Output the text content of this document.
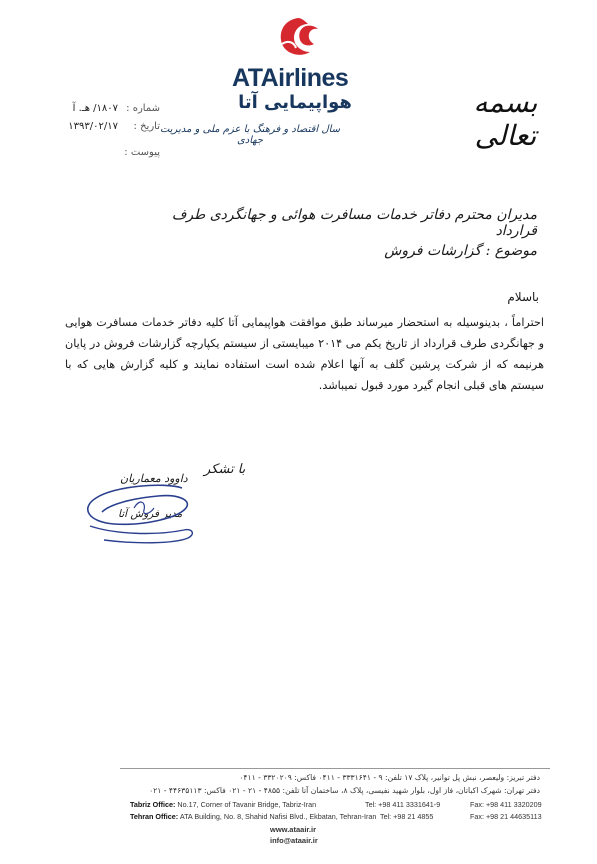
ATAirlines
هواپیمایی آتا
سال اقتصاد و فرهنگ با عزم ملی و مدیریت جهادی
شماره :
۱۸۰۷/ هـ. آ
تاریخ :
۱۳۹۳/۰۲/۱۷
پیوست :
بسمه تعالی
مدیران محترم دفاتر خدمات مسافرت هوائی و جهانگردی طرف قرارداد
موضوع : گزارشات فروش
باسلام
احتراماً ، بدینوسیله به استحضار میرساند طبق موافقت هواپیمایی آتا کلیه دفاتر خدمات مسافرت هوایی و جهانگردی طرف قرارداد از تاریخ یکم می ۲۰۱۴ میبایستی از سیستم یکپارچه گزارشات فروش در پایان هرنیمه که از شرکت پرشین گلف به آنها اعلام شده است استفاده نمایند و کلیه گزارش هایی که با سیستم های قبلی انجام گیرد مورد قبول نمیباشد.
با تشکر
داوود معماریان
مدیر فروش آتا
دفتر تبریز: ولیعصر، نبش پل توانیر، پلاک ۱۷ تلفن: ۹ - ۳۳۳۱۶۴۱ - ۰۴۱۱ فاکس: ۳۳۲۰۲۰۹ - ۰۴۱۱
دفتر تهران: شهرک اکباتان، فاز اول، بلوار شهید نفیسی، پلاک ۸، ساختمان آتا تلفن: ۴۸۵۵ - ۲۱ - ۰۲۱ فاکس: ۴۴۶۳۵۱۱۳ - ۰۲۱
Tabriz Office: No.17, Corner of Tavanir Bridge, Tabriz-Iran	Tel: +98 411 3331641-9	Fax: +98 411 3320209
Tehran Office: ATA Building, No. 8, Shahid Nafisi Blvd., Ekbatan, Tehran-Iran Tel: +98 21 4855	Fax: +98 21 44635113
www.ataair.ir
info@ataair.ir
